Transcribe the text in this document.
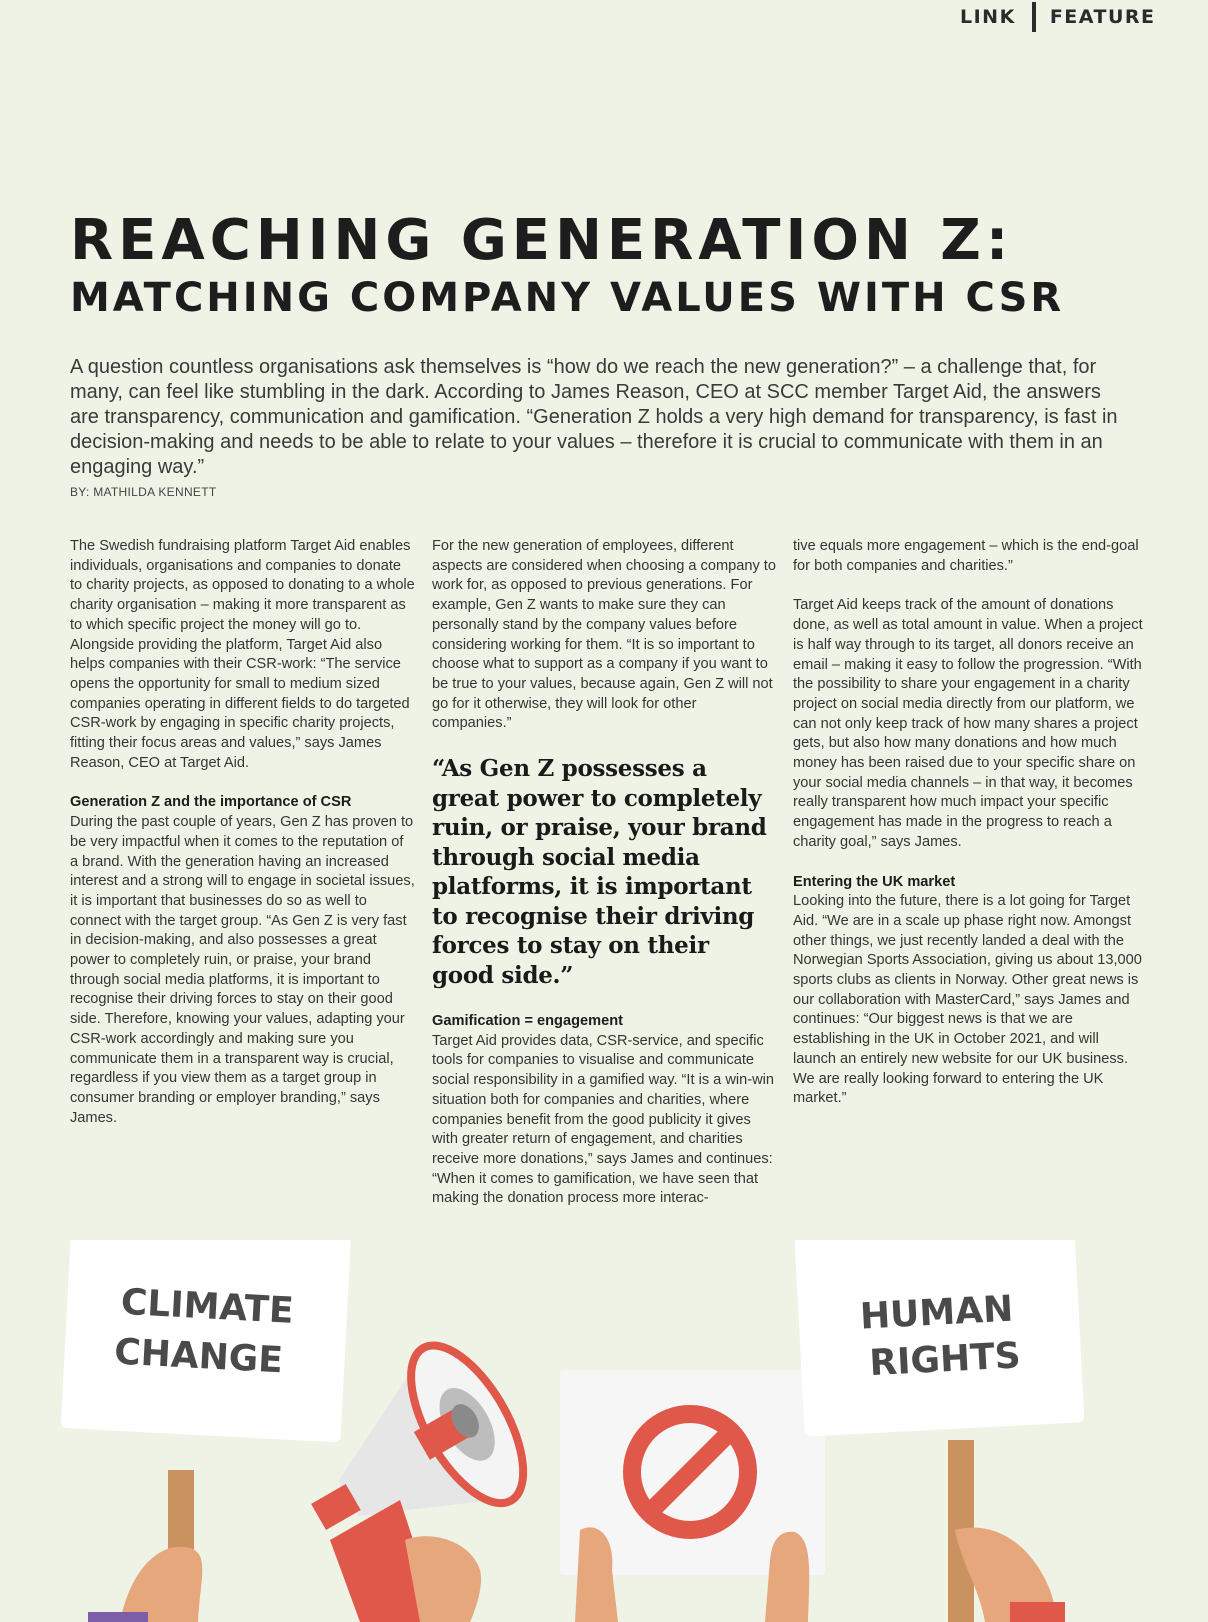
LINK FEATURE
REACHING GENERATION Z:
MATCHING COMPANY VALUES WITH CSR

A question countless organisations ask themselves is “how do we reach the new generation?” – a challenge that, for many, can feel like stumbling in the dark. According to James Reason, CEO at SCC member Target Aid, the answers are transparency, communication and gamification. “Generation Z holds a very high demand for transparency, is fast in decision-making and needs to be able to relate to your values – therefore it is crucial to communicate with them in an engaging way.”

BY: MATHILDA KENNETT

The Swedish fundraising platform Target Aid enables individuals, organisations and companies to donate to charity projects, as opposed to donating to a whole charity organisation – making it more transparent as to which specific project the money will go to. Alongside providing the platform, Target Aid also helps companies with their CSR-work: “The service opens the opportunity for small to medium sized companies operating in different fields to do targeted CSR-work by engaging in specific charity projects, fitting their focus areas and values,” says James Reason, CEO at Target Aid.

Generation Z and the importance of CSR

During the past couple of years, Gen Z has proven to be very impactful when it comes to the reputation of a brand. With the generation having an increased interest and a strong will to engage in societal issues, it is important that businesses do so as well to connect with the target group. “As Gen Z is very fast in decision-making, and also possesses a great power to completely ruin, or praise, your brand through social media platforms, it is important to recognise their driving forces to stay on their good side. Therefore, knowing your values, adapting your CSR-work accordingly and making sure you communicate them in a transparent way is crucial, regardless if you view them as a target group in consumer branding or employer branding,” says James.

For the new generation of employees, different aspects are considered when choosing a company to work for, as opposed to previous generations. For example, Gen Z wants to make sure they can personally stand by the company values before considering working for them. “It is so important to choose what to support as a company if you want to be true to your values, because again, Gen Z will not go for it otherwise, they will look for other companies.”

“As Gen Z possesses a great power to completely ruin, or praise, your brand through social media platforms, it is important to recognise their driving forces to stay on their good side.”
Gamification = engagement

Target Aid provides data, CSR-service, and specific tools for companies to visualise and communicate social responsibility in a gamified way. “It is a win-win situation both for companies and charities, where companies benefit from the good publicity it gives with greater return of engagement, and charities receive more donations,” says James and continues: “When it comes to gamification, we have seen that making the donation process more interac-

tive equals more engagement – which is the end-goal for both companies and charities.”

Target Aid keeps track of the amount of donations done, as well as total amount in value. When a project is half way through to its target, all donors receive an email – making it easy to follow the progression. “With the possibility to share your engagement in a charity project on social media directly from our platform, we can not only keep track of how many shares a project gets, but also how many donations and how much money has been raised due to your specific share on your social media channels – in that way, it becomes really transparent how much impact your specific engagement has made in the progress to reach a charity goal,” says James.

Entering the UK market

Looking into the future, there is a lot going for Target Aid. “We are in a scale up phase right now. Amongst other things, we just recently landed a deal with the Norwegian Sports Association, giving us about 13,000 sports clubs as clients in Norway. Other great news is our collaboration with MasterCard,” says James and continues: “Our biggest news is that we are establishing in the UK in October 2021, and will launch an entirely new website for our UK business. We are really looking forward to entering the UK market.”

CLIMATE
CHANGE
HUMAN
RIGHTS
